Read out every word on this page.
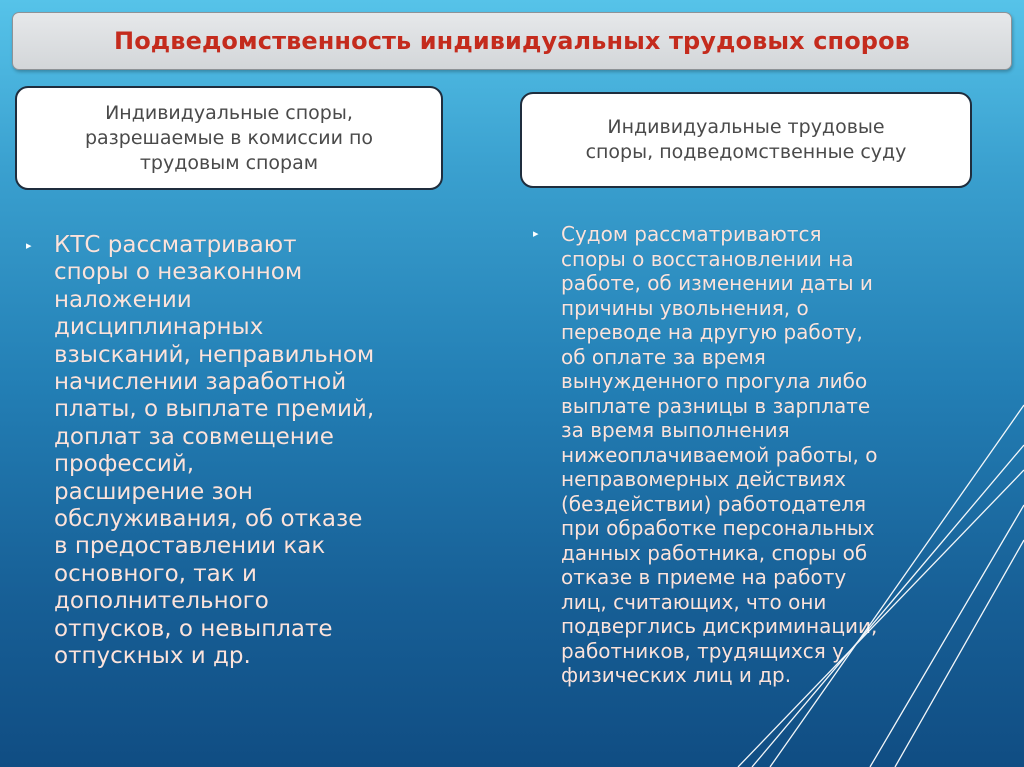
Подведомственность индивидуальных трудовых споров
Индивидуальные споры,
разрешаемые в комиссии по
трудовым спорам
Индивидуальные трудовые
споры, подведомственные суду
▸ КТС рассматривают
споры о незаконном
наложении
дисциплинарных
взысканий, неправильном
начислении заработной
платы, о выплате премий,
доплат за совмещение
профессий,
расширение зон
обслуживания, об отказе
в предоставлении как
основного, так и
дополнительного
отпусков, о невыплате
отпускных и др.
▸	Судом рассматриваются
споры о восстановлении на
работе, об изменении даты и
причины увольнения, о
переводе на другую работу,
об оплате за время
вынужденного прогула либо
выплате разницы в зарплате
за время выполнения
нижеоплачиваемой работы, о
неправомерных действиях
(бездействии) работодателя
при обработке персональных
данных работника, споры об
отказе в приеме на работу
лиц, считающих, что они
подверглись дискриминации,
работников, трудящихся у
физических лиц и др.
